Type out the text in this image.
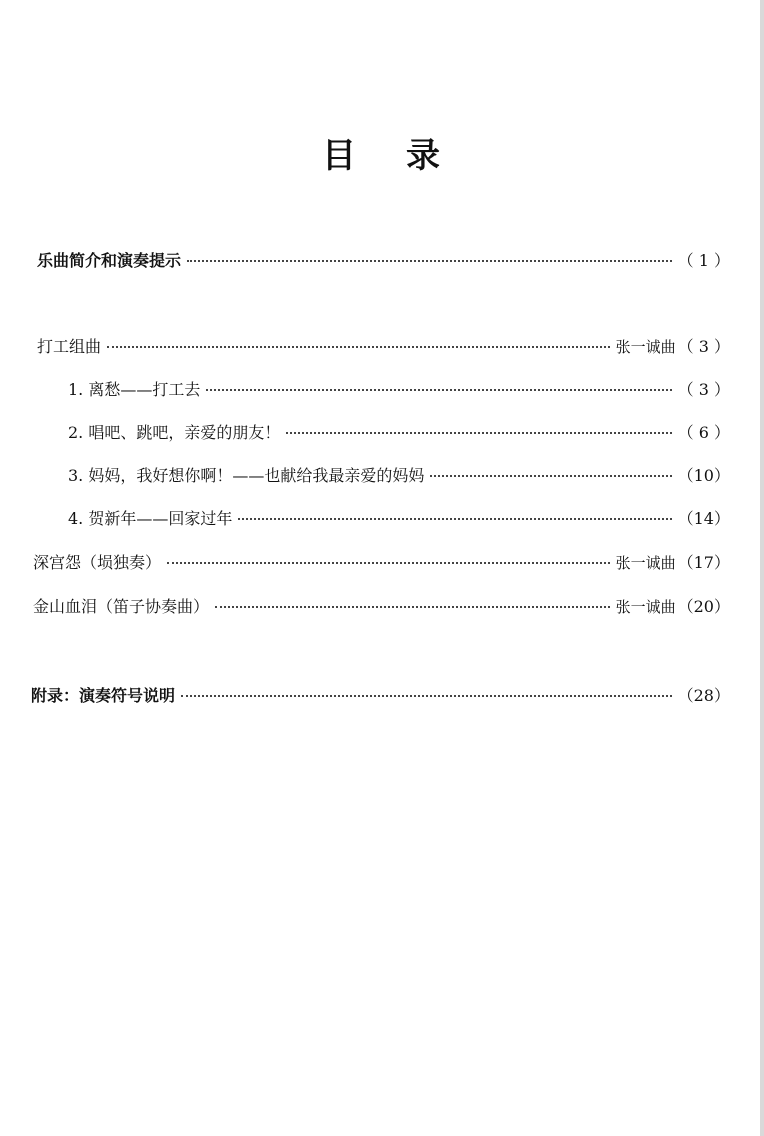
目 录
乐曲简介和演奏提示	（ 1 ）
打工组曲	张一诚曲 （ 3 ）
1. 离愁——打工去	（ 3 ）
2. 唱吧、跳吧，亲爱的朋友！	（ 6 ）
3. 妈妈，我好想你啊！——也献给我最亲爱的妈妈	（10）
4. 贺新年——回家过年	（14）
深宫怨（埙独奏）	张一诚曲 （17）
金山血泪（笛子协奏曲）	张一诚曲 （20）
附录：演奏符号说明	（28）
